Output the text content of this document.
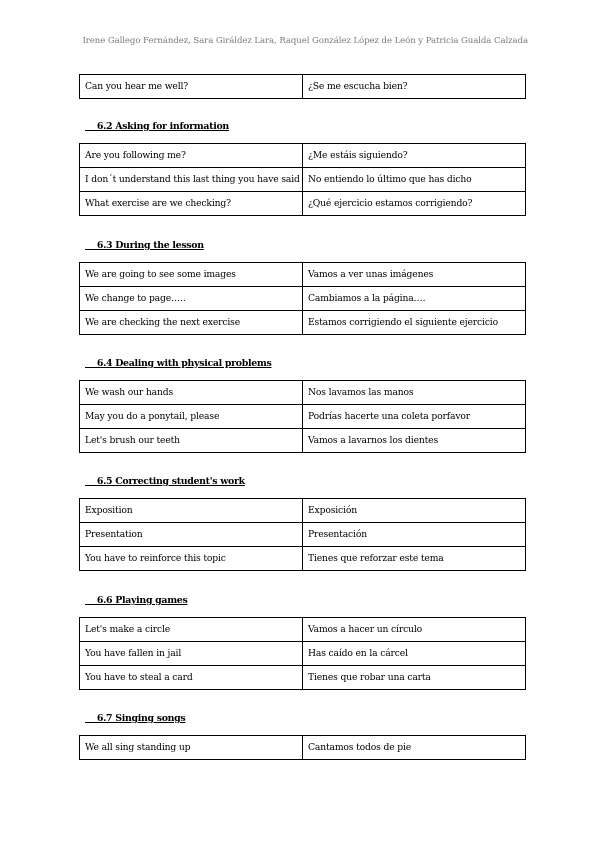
Irene Gallego Fernández, Sara Giráldez Lara, Raquel González López de León y Patricia Gualda Calzada
Can you hear me well?	¿Se me escucha bien?
6.2 Asking for information
Are you following me?	¿Me estáis siguiendo?
I don´t understand this last thing you have said	No entiendo lo último que has dicho
What exercise are we checking?	¿Qué ejercicio estamos corrigiendo?
6.3 During the lesson
We are going to see some images	Vamos a ver unas imágenes
We change to page…..	Cambiamos a la página….
We are checking the next exercise	Estamos corrigiendo el siguiente ejercicio
6.4 Dealing with physical problems
We wash our hands	Nos lavamos las manos
May you do a ponytail, please	Podrías hacerte una coleta porfavor
Let's brush our teeth	Vamos a lavarnos los dientes
6.5 Correcting student's work
Exposition	Exposición
Presentation	Presentación
You have to reinforce this topic	Tienes que reforzar este tema
6.6 Playing games
Let's make a circle	Vamos a hacer un círculo
You have fallen in jail	Has caído en la cárcel
You have to steal a card	Tienes que robar una carta
6.7 Singing songs
We all sing standing up	Cantamos todos de pie
